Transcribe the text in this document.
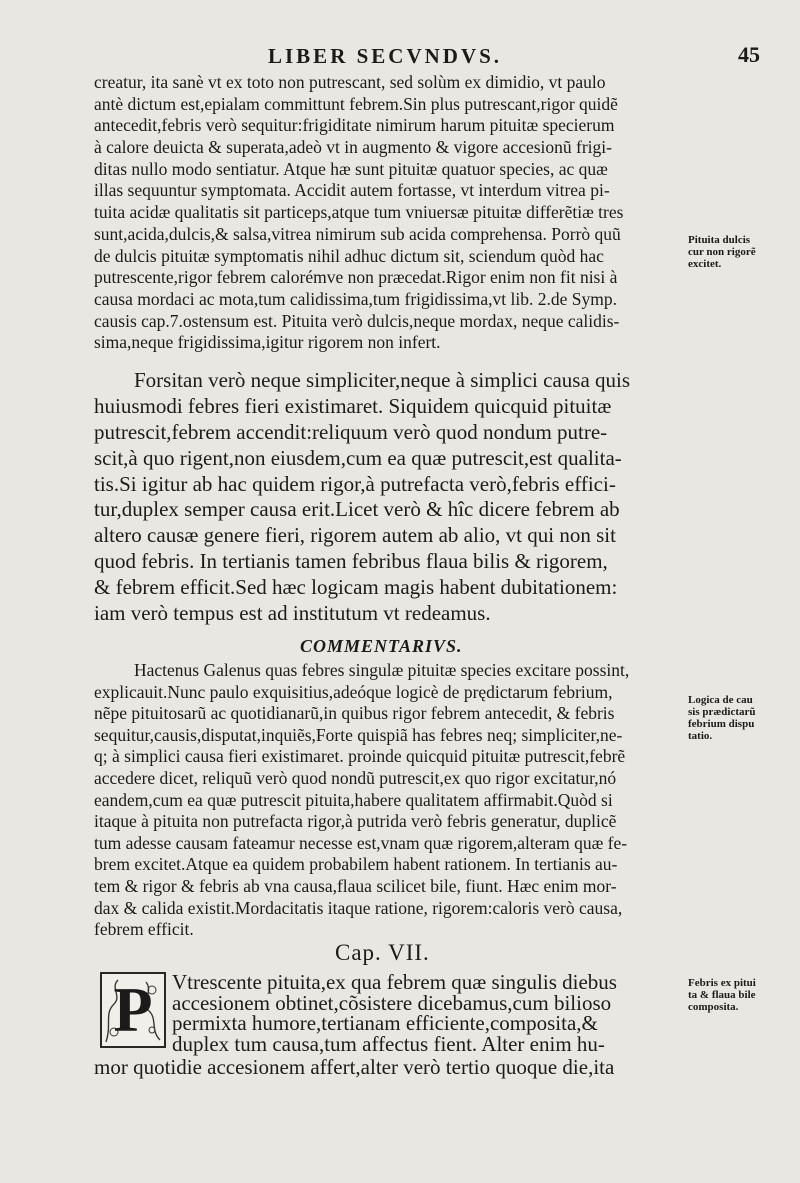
LIBER SECVNDVS.	45
creatur, ita sanè vt ex toto non putrescant, sed solùm ex dimidio, vt paulo
antè dictum est,epialam committunt febrem.Sin plus putrescant,rigor quidẽ
antecedit,febris verò sequitur:frigiditate nimirum harum pituitæ specierum
à calore deuicta & superata,adeò vt in augmento & vigore accesionũ frigi-
ditas nullo modo sentiatur. Atque hæ sunt pituitæ quatuor species, ac quæ
illas sequuntur symptomata. Accidit autem fortasse, vt interdum vitrea pi-
tuita acidæ qualitatis sit particeps,atque tum vniuersæ pituitæ differẽtiæ tres
sunt,acida,dulcis,& salsa,vitrea nimirum sub acida comprehensa. Porrò quũ
de dulcis pituitæ symptomatis nihil adhuc dictum sit, sciendum quòd hac
putrescente,rigor febrem calorémve non præcedat.Rigor enim non fit nisi à
causa mordaci ac mota,tum calidissima,tum frigidissima,vt lib. 2.de Symp.
causis cap.7.ostensum est. Pituita verò dulcis,neque mordax, neque calidis-
sima,neque frigidissima,igitur rigorem non infert.
Forsitan verò neque simpliciter,neque à simplici causa quis
huiusmodi febres fieri existimaret. Siquidem quicquid pituitæ
putrescit,febrem accendit:reliquum verò quod nondum putre-
scit,à quo rigent,non eiusdem,cum ea quæ putrescit,est qualita-
tis.Si igitur ab hac quidem rigor,à putrefacta verò,febris effici-
tur,duplex semper causa erit.Licet verò & hîc dicere febrem ab
altero causæ genere fieri, rigorem autem ab alio, vt qui non sit
quod febris. In tertianis tamen febribus flaua bilis & rigorem,
& febrem efficit.Sed hæc logicam magis habent dubitationem:
iam verò tempus est ad institutum vt redeamus.
COMMENTARIVS.
Hactenus Galenus quas febres singulæ pituitæ species excitare possint,
explicauit.Nunc paulo exquisitius,adeóque logicè de prędictarum febrium,
nẽpe pituitosarũ ac quotidianarũ,in quibus rigor febrem antecedit, & febris
sequitur,causis,disputat,inquiẽs,Forte quispiã has febres neq; simpliciter,ne-
q; à simplici causa fieri existimaret. proinde quicquid pituitæ putrescit,febrẽ
accedere dicet, reliquũ verò quod nondũ putrescit,ex quo rigor excitatur,nó
eandem,cum ea quæ putrescit pituita,habere qualitatem affirmabit.Quòd si
itaque à pituita non putrefacta rigor,à putrida verò febris generatur, duplicẽ
tum adesse causam fateamur necesse est,vnam quæ rigorem,alteram quæ fe-
brem excitet.Atque ea quidem probabilem habent rationem. In tertianis au-
tem & rigor & febris ab vna causa,flaua scilicet bile, fiunt. Hæc enim mor-
dax & calida existit.Mordacitatis itaque ratione, rigorem:caloris verò causa,
febrem efficit.
Cap. VII.
P Vtrescente pituita,ex qua febrem quæ singulis diebus
accesionem obtinet,cõsistere dicebamus,cum bilioso
permixta humore,tertianam efficiente,composita,&
duplex tum causa,tum affectus fient. Alter enim hu-
mor quotidie accesionem affert,alter verò tertio quoque die,ita
Pituita dulcis
cur non rigorẽ
excitet.
Logica de cau
sis prædictarũ
febrium dispu
tatio.
Febris ex pitui
ta & flaua bile
composita.
